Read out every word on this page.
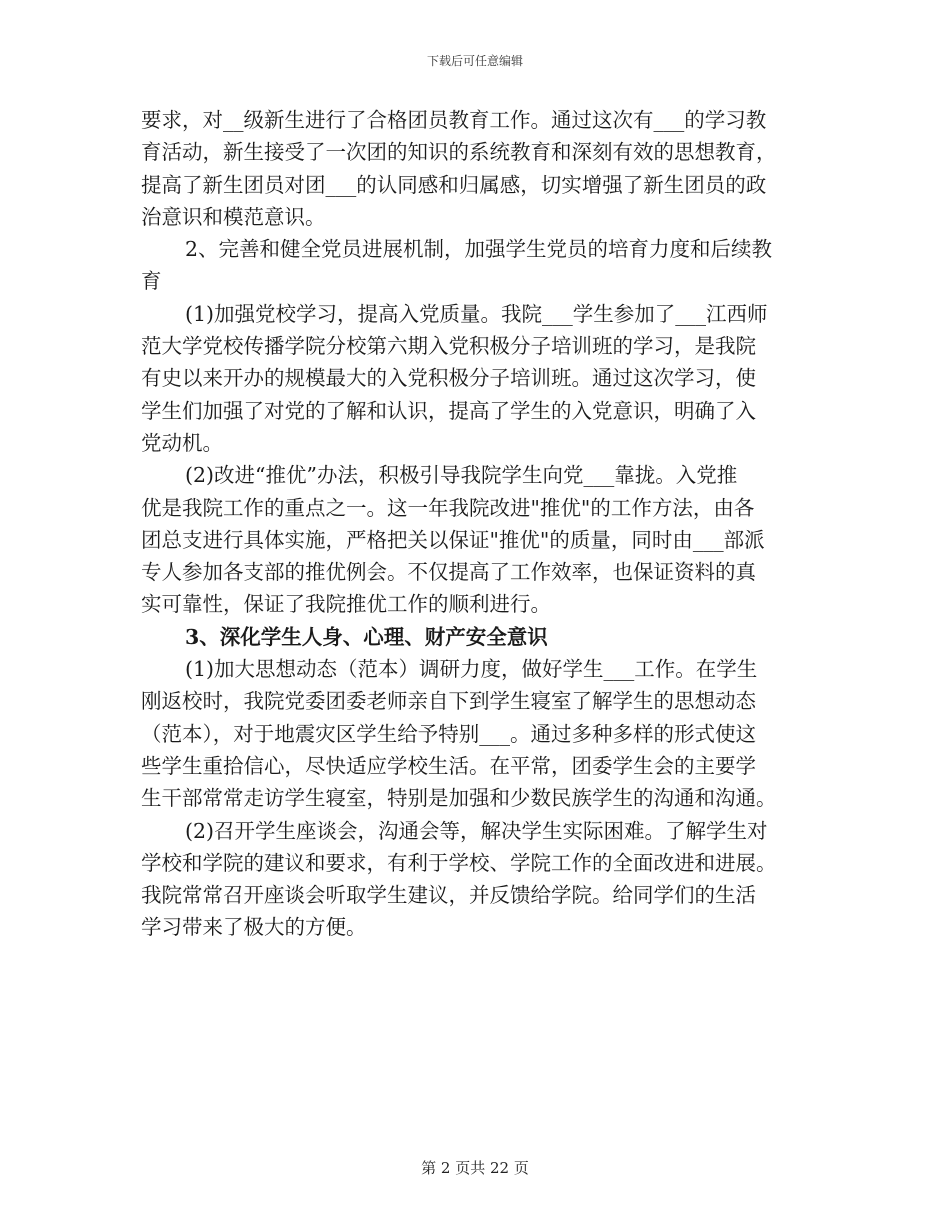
下载后可任意编辑
要求，对__级新生进行了合格团员教育工作。通过这次有___的学习教
育活动，新生接受了一次团的知识的系统教育和深刻有效的思想教育，
提高了新生团员对团___的认同感和归属感，切实增强了新生团员的政
治意识和模范意识。
2、完善和健全党员进展机制，加强学生党员的培育力度和后续教
育
(1)加强党校学习，提高入党质量。我院___学生参加了___江西师
范大学党校传播学院分校第六期入党积极分子培训班的学习，是我院
有史以来开办的规模最大的入党积极分子培训班。通过这次学习，使
学生们加强了对党的了解和认识，提高了学生的入党意识，明确了入
党动机。
(2)改进“推优”办法，积极引导我院学生向党___靠拢。入党推
优是我院工作的重点之一。这一年我院改进"推优"的工作方法，由各
团总支进行具体实施，严格把关以保证"推优"的质量，同时由___部派
专人参加各支部的推优例会。不仅提高了工作效率，也保证资料的真
实可靠性，保证了我院推优工作的顺利进行。
3、深化学生人身、心理、财产安全意识
(1)加大思想动态（范本）调研力度，做好学生___工作。在学生
刚返校时，我院党委团委老师亲自下到学生寝室了解学生的思想动态
（范本），对于地震灾区学生给予特别___。通过多种多样的形式使这
些学生重拾信心，尽快适应学校生活。在平常，团委学生会的主要学
生干部常常走访学生寝室，特别是加强和少数民族学生的沟通和沟通。
(2)召开学生座谈会，沟通会等，解决学生实际困难。了解学生对
学校和学院的建议和要求，有利于学校、学院工作的全面改进和进展。
我院常常召开座谈会听取学生建议，并反馈给学院。给同学们的生活
学习带来了极大的方便。
第 2 页共 22 页
